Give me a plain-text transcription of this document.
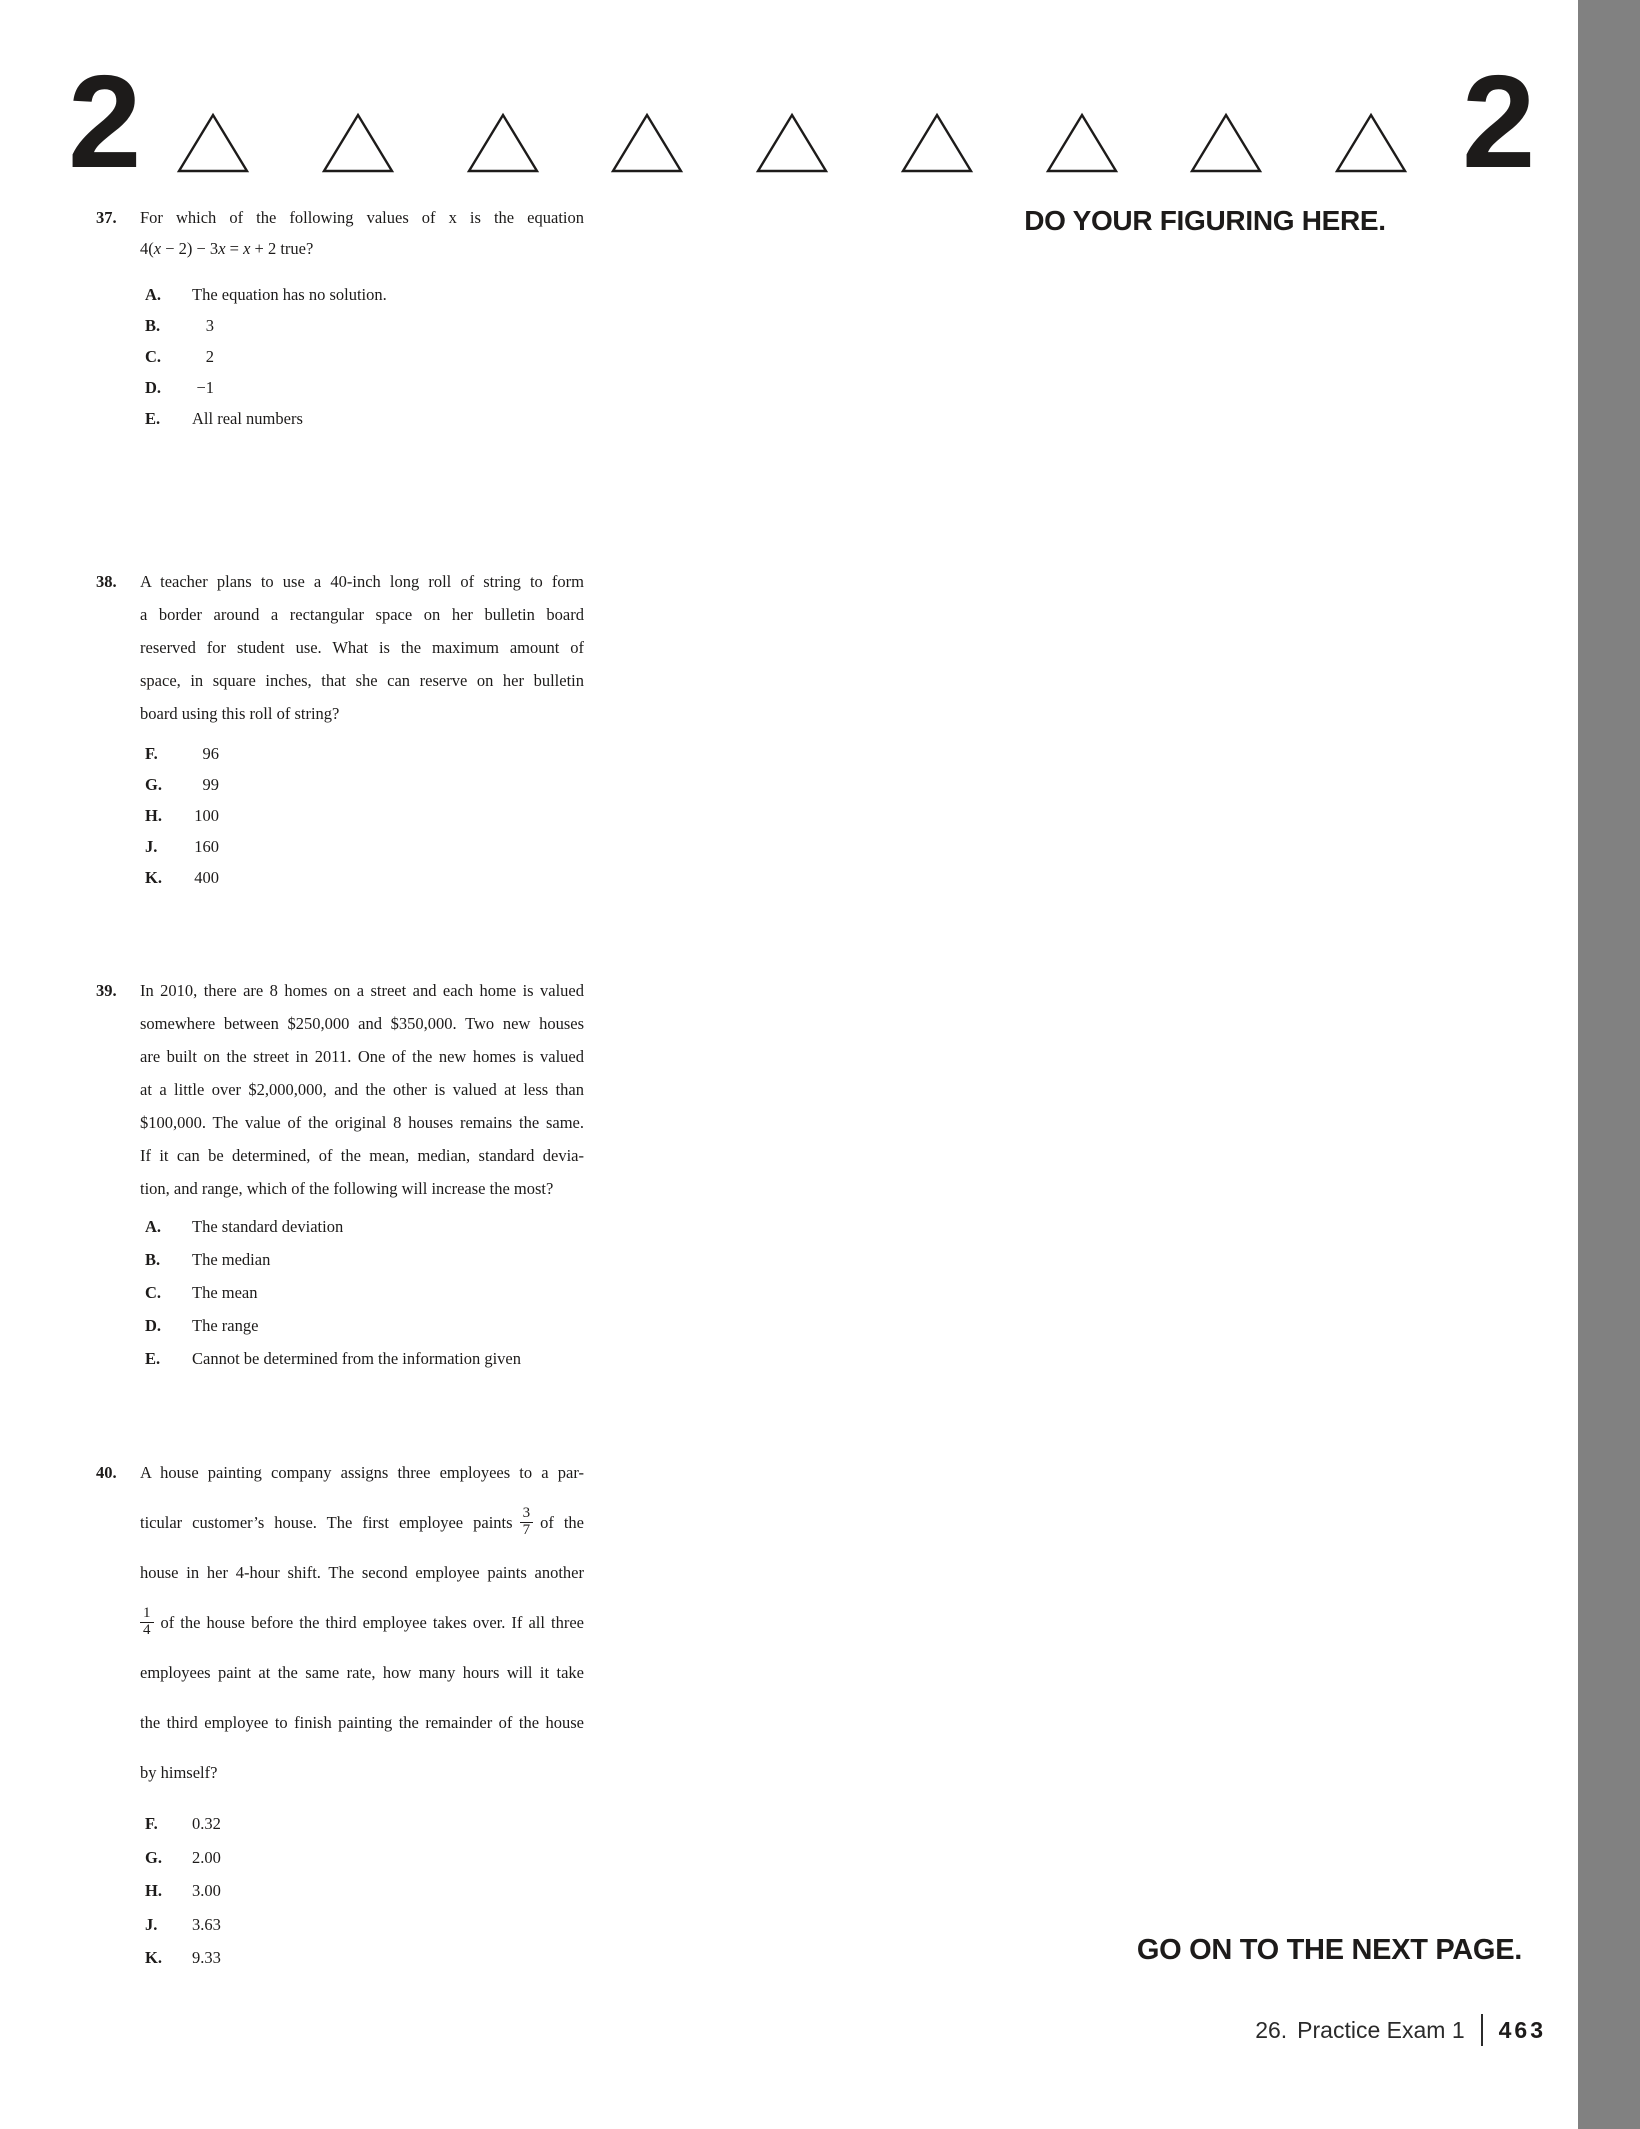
2	2
DO YOUR FIGURING HERE.
37.	For which of the following values of x is the equation
4(x − 2) − 3x = x + 2 true?
A.	The equation has no solution.
B.	3
C.	2
D.	−1
E.	All real numbers
38.	A teacher plans to use a 40-inch long roll of string to form
a border around a rectangular space on her bulletin board
reserved for student use. What is the maximum amount of
space, in square inches, that she can reserve on her bulletin
board using this roll of string?
F.	96
G.	99
H.	100
J.	160
K.	400
39.	In 2010, there are 8 homes on a street and each home is valued
somewhere between $250,000 and $350,000. Two new houses
are built on the street in 2011. One of the new homes is valued
at a little over $2,000,000, and the other is valued at less than
$100,000. The value of the original 8 houses remains the same.
If it can be determined, of the mean, median, standard devia-
tion, and range, which of the following will increase the most?
A.	The standard deviation
B.	The median
C.	The mean
D.	The range
E.	Cannot be determined from the information given
40.	A house painting company assigns three employees to a par-
ticular customer’s house. The first employee paints $\frac{3}{7}$ of the
house in her 4-hour shift. The second employee paints another
$\frac{1}{4}$ of the house before the third employee takes over. If all three
employees paint at the same rate, how many hours will it take
the third employee to finish painting the remainder of the house
by himself?
F.	0.32
G.	2.00
H.	3.00
J.	3.63
K.	9.33	GO ON TO THE NEXT PAGE.
26. Practice Exam 1 463
